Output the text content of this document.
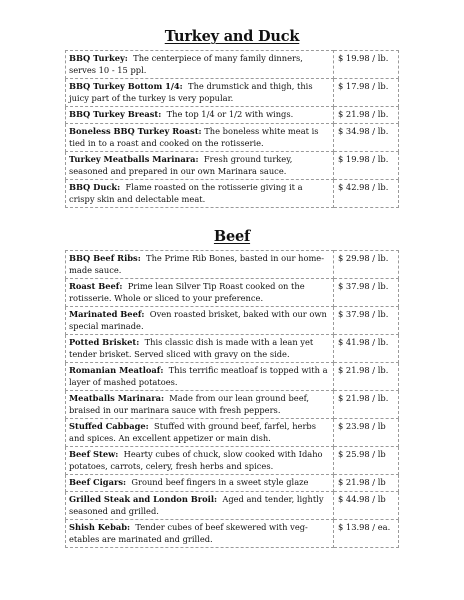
Turkey and Duck
BBQ Turkey: The centerpiece of many family dinners, serves 10 - 15 ppl.	$ 19.98 / lb.
BBQ Turkey Bottom 1/4: The drumstick and thigh, this juicy part of the turkey is very popular.	$ 17.98 / lb.
BBQ Turkey Breast: The top 1/4 or 1/2 with wings.	$ 21.98 / lb.
Boneless BBQ Turkey Roast: The boneless white meat is tied in to a roast and cooked on the rotisserie.	$ 34.98 / lb.
Turkey Meatballs Marinara: Fresh ground turkey, seasoned and prepared in our own Marinara sauce.	$ 19.98 / lb.
BBQ Duck: Flame roasted on the rotisserie giving it a crispy skin and delectable meat.	$ 42.98 / lb.
Beef
BBQ Beef Ribs: The Prime Rib Bones, basted in our home-made sauce.	$ 29.98 / lb.
Roast Beef: Prime lean Silver Tip Roast cooked on the rotisserie. Whole or sliced to your preference.	$ 37.98 / lb.
Marinated Beef: Oven roasted brisket, baked with our own special marinade.	$ 37.98 / lb.
Potted Brisket: This classic dish is made with a lean yet tender brisket. Served sliced with gravy on the side.	$ 41.98 / lb.
Romanian Meatloaf: This terrific meatloaf is topped with a layer of mashed potatoes.	$ 21.98 / lb.
Meatballs Marinara: Made from our lean ground beef, braised in our marinara sauce with fresh peppers.	$ 21.98 / lb.
Stuffed Cabbage: Stuffed with ground beef, farfel, herbs and spices. An excellent appetizer or main dish.	$ 23.98 / lb
Beef Stew: Hearty cubes of chuck, slow cooked with Idaho potatoes, carrots, celery, fresh herbs and spices.	$ 25.98 / lb
Beef Cigars: Ground beef fingers in a sweet style glaze	$ 21.98 / lb
Grilled Steak and London Broil: Aged and tender, lightly seasoned and grilled.	$ 44.98 / lb
Shish Kebab: Tender cubes of beef skewered with veg-etables are marinated and grilled.	$ 13.98 / ea.
